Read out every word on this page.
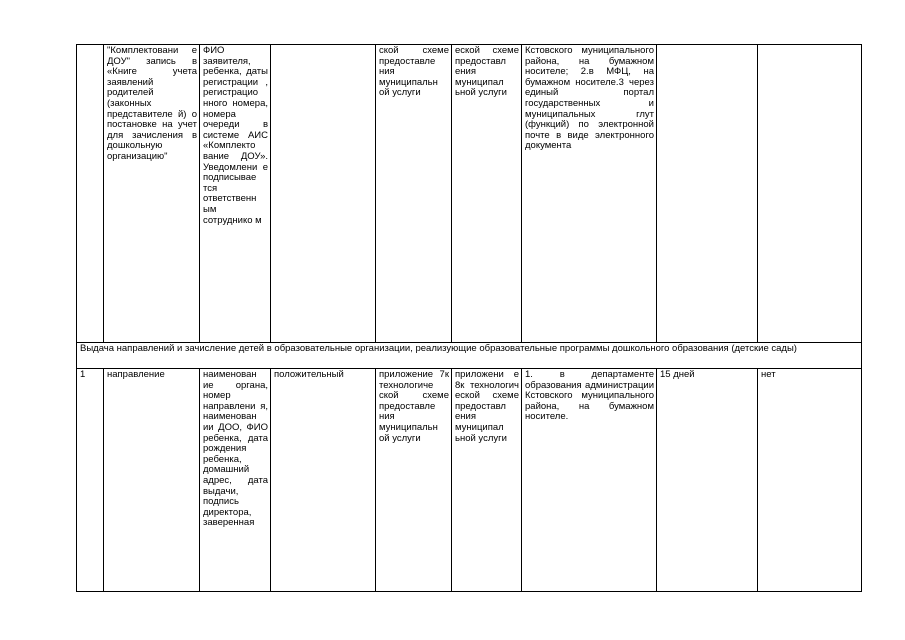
	"Комплектовани е ДОУ" запись в «Книге учета заявлений родителей (законных представителе й) о постановке на учет для зачисления в дошкольную организацию"	ФИО заявителя, ребенка, даты регистрации , регистрацио нного номера, номера очереди в системе АИС «Комплекто вание ДОУ». Уведомлени е подписывае тся ответственн ым сотруднико м		ской схеме предоставле ния муниципальн ой услуги	еской схеме предоставл ения муниципал ьной услуги	Кстовского муниципального района, на бумажном носителе; 2.в МФЦ, на бумажном носителе.3 через единый портал государственных и муниципальных глут (функций) по электронной почте в виде электронного документа		
Выдача направлений и зачисление детей в образовательные организации, реализующие образовательные программы дошкольного образования (детские сады)								
1	направление	наименован ие органа, номер направлени я, наименован ии ДОО, ФИО ребенка, дата рождения ребенка, домашний адрес, дата выдачи, подпись директора, заверенная	положительный	приложение 7к технологиче ской схеме предоставле ния муниципальн ой услуги	приложени е 8к технологич еской схеме предоставл ения муниципал ьной услуги	1. в департаменте образования администрации Кстовского муниципального района, на бумажном носителе.	15 дней	нет
